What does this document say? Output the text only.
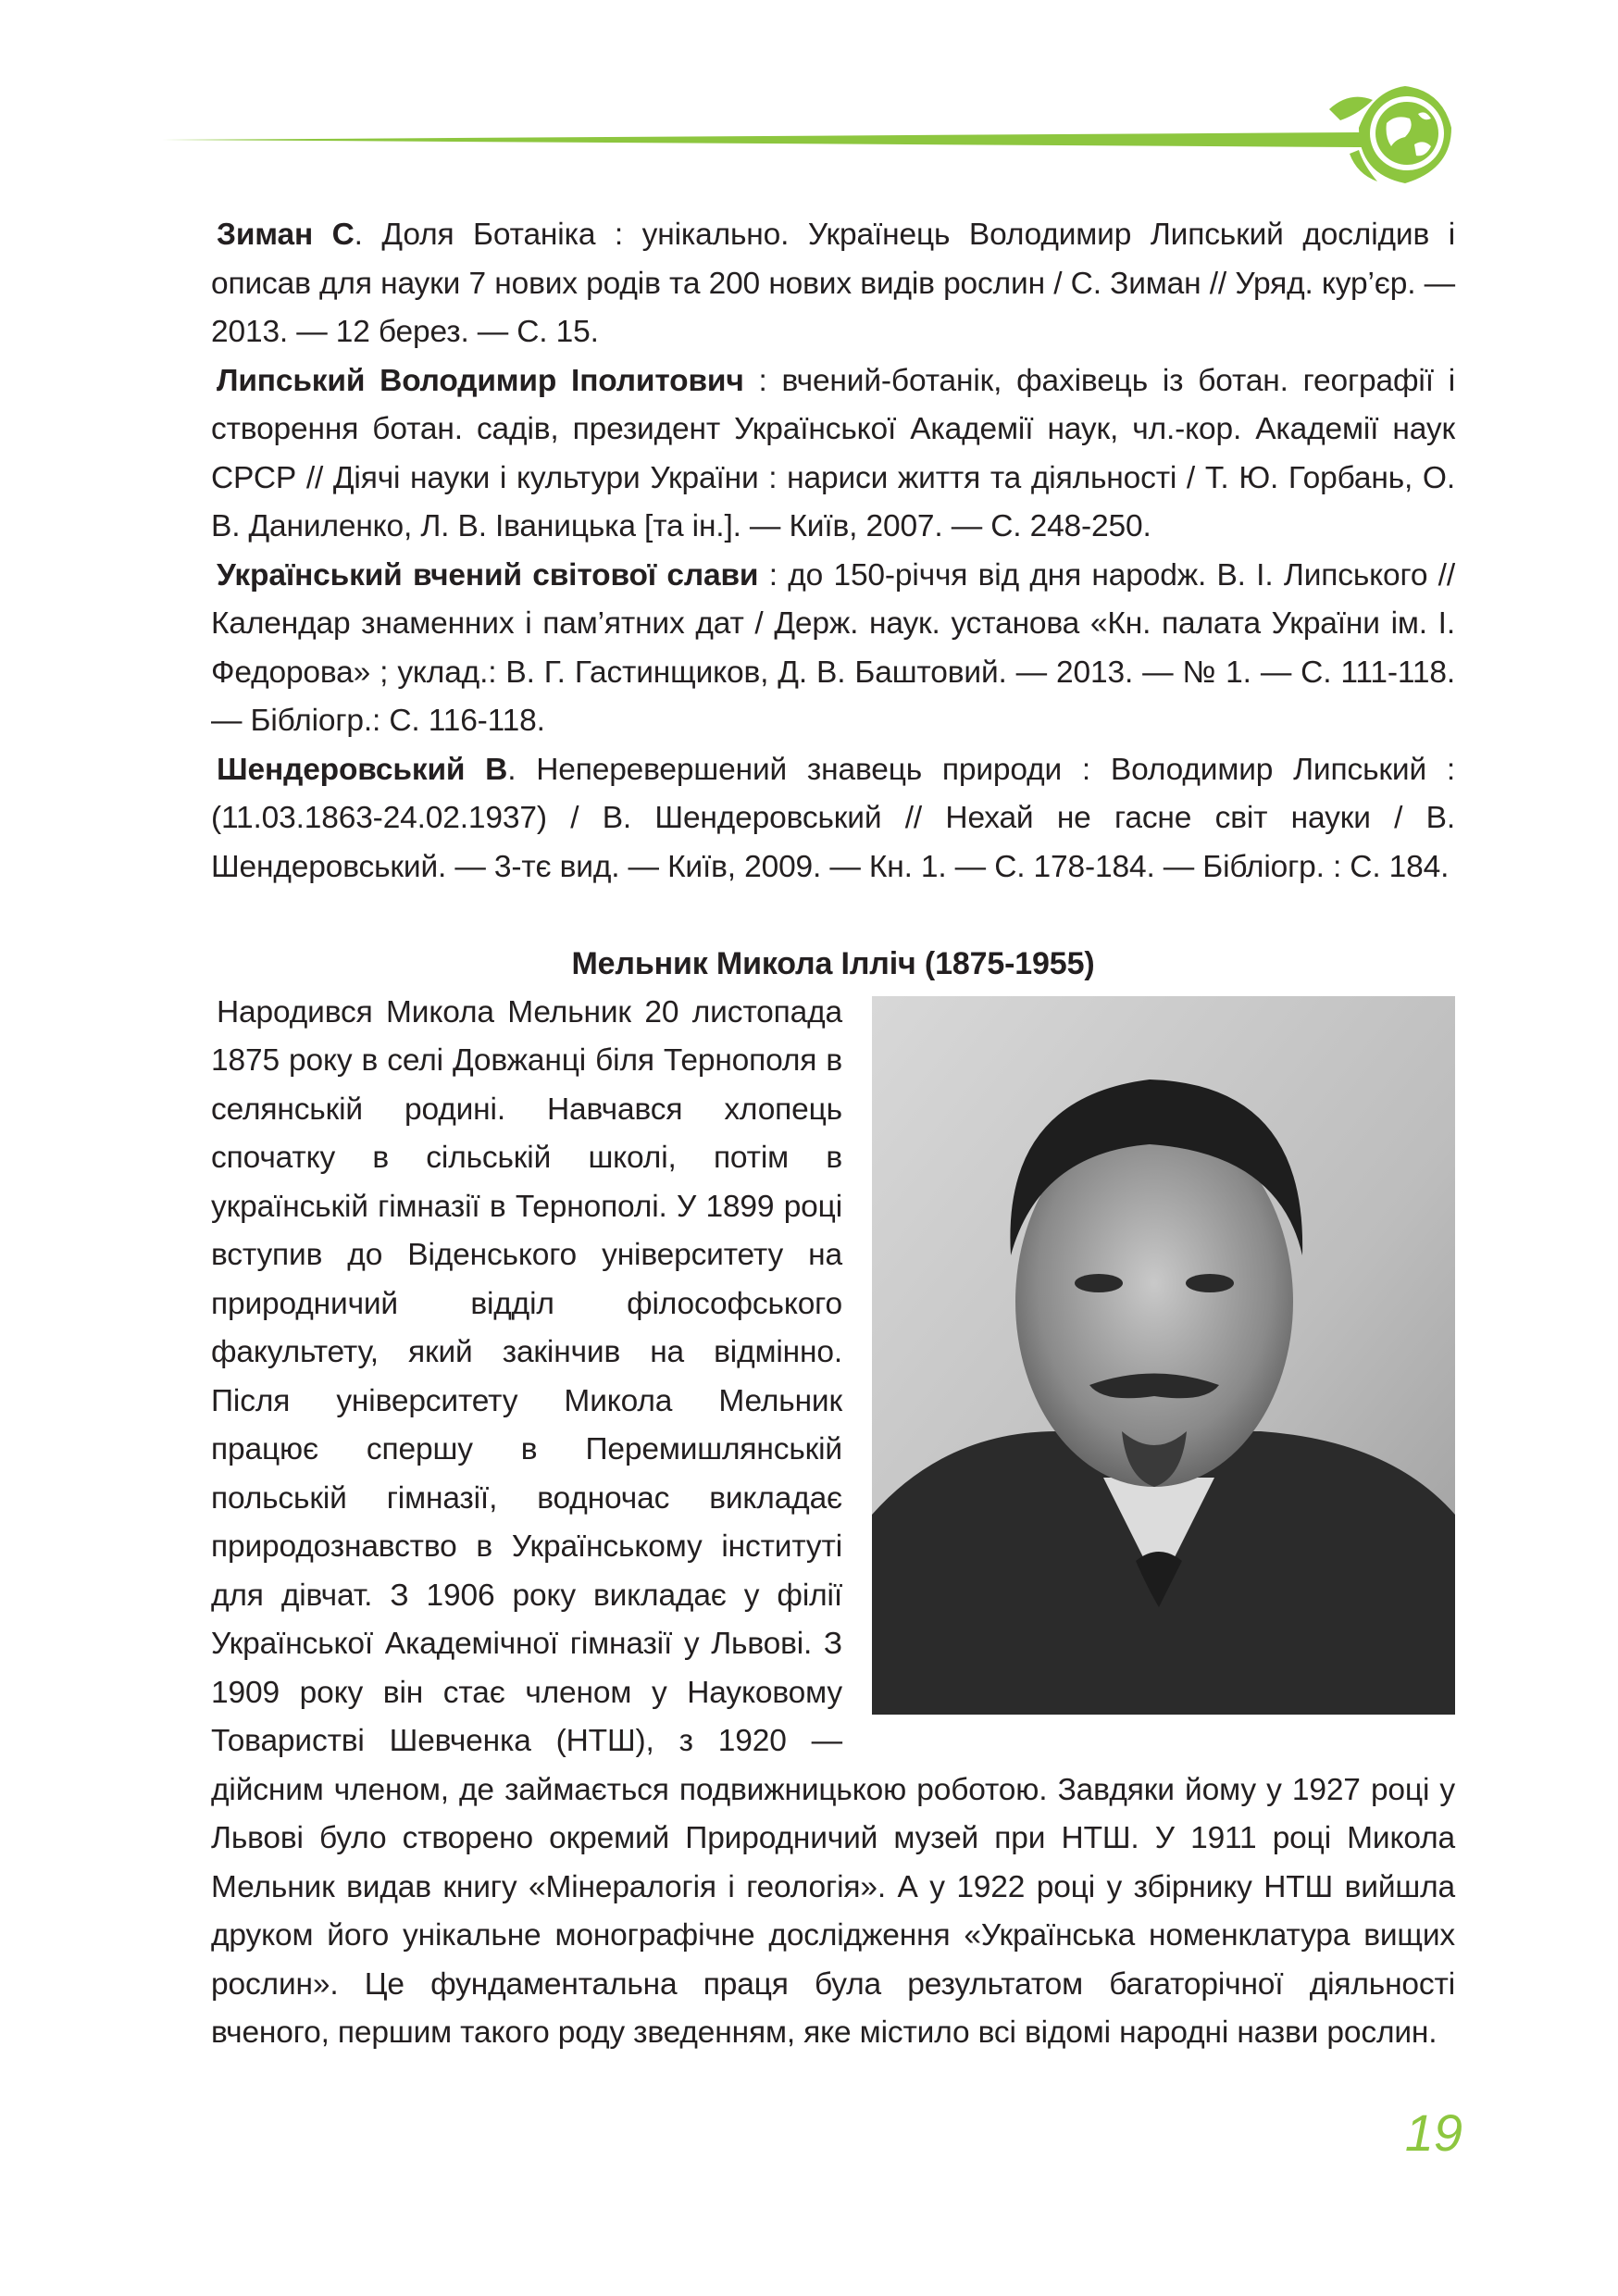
Зиман С. Доля Ботаніка : унікально. Українець Володимир Липський дослідив і описав для науки 7 нових родів та 200 нових видів рослин / С. Зиман // Уряд. кур’єр. — 2013. — 12 берез. — С. 15.

Липський Володимир Іполитович : вчений-ботанік, фахівець із ботан. географії і створення ботан. садів, президент Української Академії наук, чл.-кор. Академії наук СРСР // Діячі науки і культури України : нариси життя та діяльності / Т. Ю. Горбань, О. В. Даниленко, Л. В. Іваницька [та ін.]. — Київ, 2007. — С. 248-250.

Український вчений світової слави : до 150-річчя від дня нарodж. В. І. Липського // Календар знаменних і пам’ятних дат / Держ. наук. установа «Кн. палата України ім. І. Федорова» ; уклад.: В. Г. Гастинщиков, Д. В. Баштовий. — 2013. — № 1. — С. 111-118. — Бібліогр.: С. 116-118.

Шендеровський В. Неперевершений знавець природи : Володимир Липський : (11.03.1863-24.02.1937) / В. Шендеровський // Нехай не гасне світ науки / В. Шендеровський. — 3-тє вид. — Київ, 2009. — Кн. 1. — С. 178-184. — Бібліогр. : С. 184.

Мельник Микола Ілліч (1875-1955)

Народився Микола Мельник 20 листопада 1875 року в селі Довжанці біля Тернополя в селянській родині. Навчався хлопець спочатку в сільській школі, потім в українській гімназії в Тернополі. У 1899 році вступив до Віденського університету на природничий відділ філософського факультету, який закінчив на відмінно. Після університету Микола Мельник працює спершу в Перемишлянській польській гімназії, водночас викладає природознавство в Українському інституті для дівчат. З 1906 року викладає у філії Української Академічної гімназії у Львові. З 1909 року він стає членом у Науковому Товаристві Шевченка (НТШ), з 1920 — дійсним членом, де займається подвижницькою роботою. Завдяки йому у 1927 році у Львові було створено окремий Природничий музей при НТШ. У 1911 році Микола Мельник видав книгу «Мінералогія і геологія». А у 1922 році у збірнику НТШ вийшла друком його унікальне монографічне дослідження «Українська номенклатура вищих рослин». Це фундаментальна праця була результатом багаторічної діяльності вченого, першим такого роду зведенням, яке містило всі відомі народні назви рослин.

19
